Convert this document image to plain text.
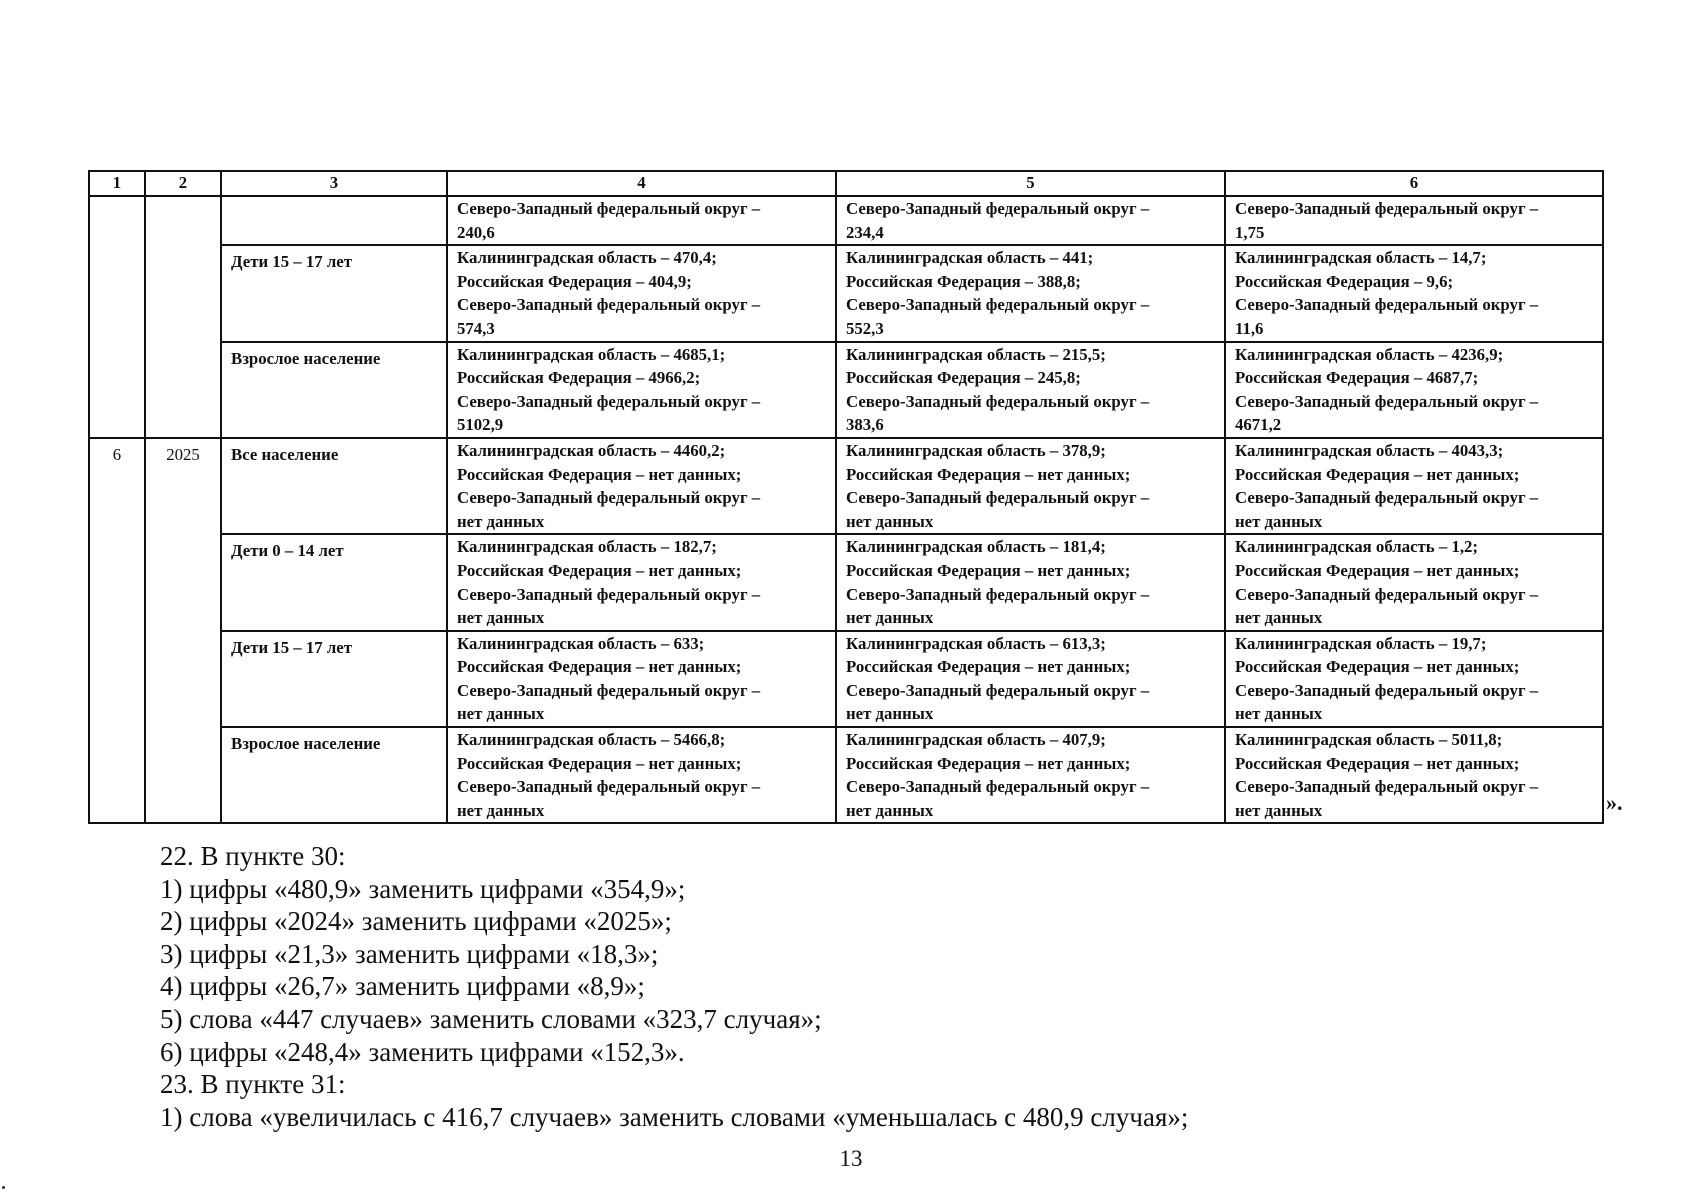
1	2	3	4	5	6

			Северо-Западный федеральный округ –
240,6	Северо-Западный федеральный округ –
234,4	Северо-Западный федеральный округ –
1,75

		Дети 15 – 17 лет	Калининградская область – 470,4;
Российская Федерация – 404,9;
Северо-Западный федеральный округ –
574,3	Калининградская область – 441;
Российская Федерация – 388,8;
Северо-Западный федеральный округ –
552,3	Калининградская область – 14,7;
Российская Федерация – 9,6;
Северо-Западный федеральный округ –
11,6

		Взрослое население	Калининградская область – 4685,1;
Российская Федерация – 4966,2;
Северо-Западный федеральный округ –
5102,9	Калининградская область – 215,5;
Российская Федерация – 245,8;
Северо-Западный федеральный округ –
383,6	Калининградская область – 4236,9;
Российская Федерация – 4687,7;
Северо-Западный федеральный округ –
4671,2

6	2025	Все население	Калининградская область – 4460,2;
Российская Федерация – нет данных;
Северо-Западный федеральный округ –
нет данных	Калининградская область – 378,9;
Российская Федерация – нет данных;
Северо-Западный федеральный округ –
нет данных	Калининградская область – 4043,3;
Российская Федерация – нет данных;
Северо-Западный федеральный округ –
нет данных

		Дети 0 – 14 лет	Калининградская область – 182,7;
Российская Федерация – нет данных;
Северо-Западный федеральный округ –
нет данных	Калининградская область – 181,4;
Российская Федерация – нет данных;
Северо-Западный федеральный округ –
нет данных	Калининградская область – 1,2;
Российская Федерация – нет данных;
Северо-Западный федеральный округ –
нет данных

		Дети 15 – 17 лет	Калининградская область – 633;
Российская Федерация – нет данных;
Северо-Западный федеральный округ –
нет данных	Калининградская область – 613,3;
Российская Федерация – нет данных;
Северо-Западный федеральный округ –
нет данных	Калининградская область – 19,7;
Российская Федерация – нет данных;
Северо-Западный федеральный округ –
нет данных

		Взрослое население	Калининградская область – 5466,8;
Российская Федерация – нет данных;
Северо-Западный федеральный округ –
нет данных	Калининградская область – 407,9;
Российская Федерация – нет данных;
Северо-Западный федеральный округ –
нет данных	Калининградская область – 5011,8;
Российская Федерация – нет данных;
Северо-Западный федеральный округ –
нет данных	».
22. В пункте 30:
1) цифры «480,9» заменить цифрами «354,9»;
2) цифры «2024» заменить цифрами «2025»;
3) цифры «21,3» заменить цифрами «18,3»;
4) цифры «26,7» заменить цифрами «8,9»;
5) слова «447 случаев» заменить словами «323,7 случая»;
6) цифры «248,4» заменить цифрами «152,3».
23. В пункте 31:
1) слова «увеличилась с 416,7 случаев» заменить словами «уменьшалась с 480,9 случая»;
13
